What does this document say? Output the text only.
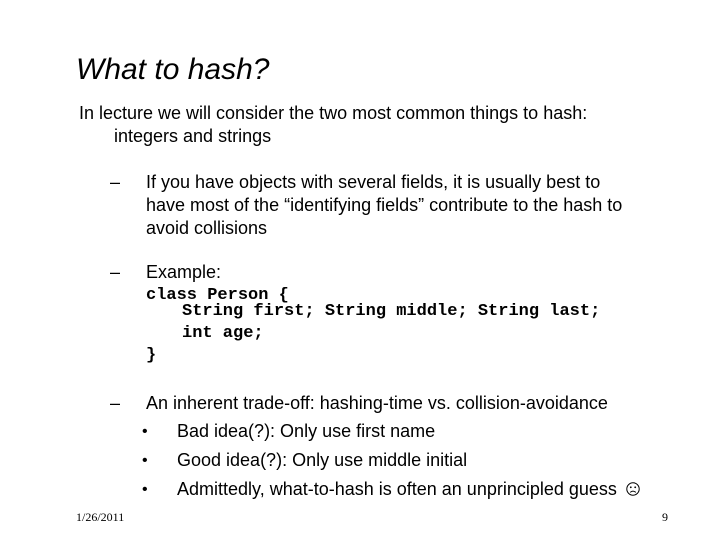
What to hash?
In lecture we will consider the two most common things to hash:
integers and strings
– If you have objects with several fields, it is usually best to
have most of the “identifying fields” contribute to the hash to
avoid collisions
– Example:
class Person {
String first; String middle; String last;
int age;
}
– An inherent trade-off: hashing-time vs. collision-avoidance
• Bad idea(?): Only use first name
• Good idea(?): Only use middle initial
• Admittedly, what-to-hash is often an unprincipled guess
1/26/2011	9
